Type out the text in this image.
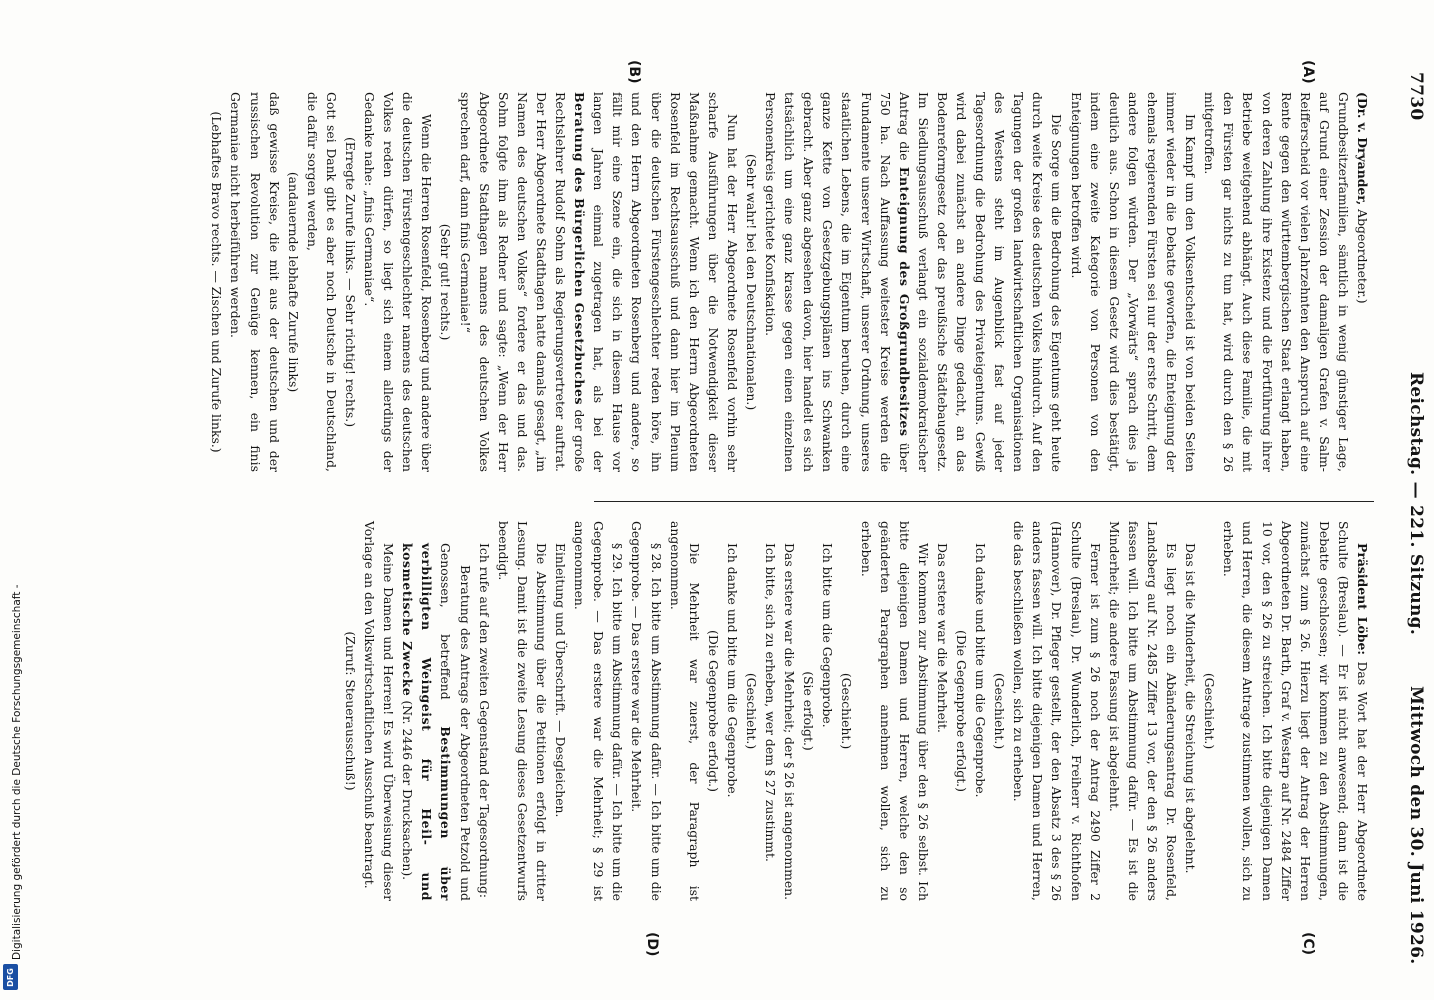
7730
Reichstag. — 221. Sitzung.
Mittwoch den 30. Juni 1926.
(A)
(B)
(C)
(D)

(Dr. v. Dryander, Abgeordneter.)

Grundbesitzerfamilien, sämtlich in wenig günstiger Lage, auf Grund einer Zession der damaligen Grafen v. Salm-Reifferscheid vor vielen Jahrzehnten den Anspruch auf eine Rente gegen den württembergischen Staat erlangt haben, von deren Zahlung ihre Existenz und die Fortführung ihrer Betriebe weitgehend abhängt. Auch diese Familie, die mit den Fürsten gar nichts zu tun hat, wird durch den § 26 mitgetroffen.

Im Kampf um den Volksentscheid ist von beiden Seiten immer wieder in die Debatte geworfen, die Enteignung der ehemals regierenden Fürsten sei nur der erste Schritt, dem andere folgen würden. Der „Vorwärts“ sprach dies ja deutlich aus. Schon in diesem Gesetz wird dies bestätigt, indem eine zweite Kategorie von Personen von den Enteignungen betroffen wird.

Die Sorge um die Bedrohung des Eigentums geht heute durch weite Kreise des deutschen Volkes hindurch. Auf den Tagungen der großen landwirtschaftlichen Organisationen des Westens steht im Augenblick fast auf jeder Tagesordnung die Bedrohung des Privateigentums. Gewiß wird dabei zunächst an andere Dinge gedacht, an das Bodenreformgesetz oder das preußische Städtebaugesetz. Im Siedlungsausschuß verlangt ein sozialdemokratischer Antrag die Enteignung des Großgrundbesitzes über 750 ha. Nach Auffassung weitester Kreise werden die Fundamente unserer Wirtschaft, unserer Ordnung, unseres staatlichen Lebens, die im Eigentum beruhen, durch eine ganze Kette von Gesetzgebungsplänen ins Schwanken gebracht. Aber ganz abgesehen davon, hier handelt es sich tatsächlich um eine ganz krasse gegen einen einzelnen Personenkreis gerichtete Konfiskation.

(Sehr wahr! bei den Deutschnationalen.)

Nun hat der Herr Abgeordnete Rosenfeld vorhin sehr scharfe Ausführungen über die Notwendigkeit dieser Maßnahme gemacht. Wenn ich den Herrn Abgeordneten Rosenfeld im Rechtsausschuß und dann hier im Plenum über die deutschen Fürstengeschlechter reden höre, ihn und den Herrn Abgeordneten Rosenberg und andere, so fällt mir eine Szene ein, die sich in diesem Hause vor langen Jahren einmal zugetragen hat, als bei der Beratung des Bürgerlichen Gesetzbuches der große Rechtslehrer Rudolf Sohm als Regierungsvertreter auftrat. Der Herr Abgeordnete Stadthagen hatte damals gesagt, „im Namen des deutschen Volkes“ fordere er das und das. Sohm folgte ihm als Redner und sagte: „Wenn der Herr Abgeordnete Stadthagen namens des deutschen Volkes sprechen darf, dann finis Germaniae!“

(Sehr gut! rechts.)

Wenn die Herren Rosenfeld, Rosenberg und andere über die deutschen Fürstengeschlechter namens des deutschen Volkes reden dürfen, so liegt sich einem allerdings der Gedanke nahe: „finis Germaniae“.

(Erregte Zurufe links. — Sehr richtig! rechts.)

Gott sei Dank gibt es aber noch Deutsche in Deutschland, die dafür sorgen werden,

(andauernde lebhafte Zurufe links)

daß gewisse Kreise, die mit aus der deutschen und der russischen Revolution zur Genüge kennen, ein finis Germaniae nicht herbeiführen werden.

(Lebhaftes Bravo rechts. — Zischen und Zurufe links.)

Präsident Löbe: Das Wort hat der Herr Abgeordnete Schulte (Breslau). — Er ist nicht anwesend; dann ist die Debatte geschlossen; wir kommen zu den Abstimmungen, zunächst zum § 26. Hierzu liegt der Antrag der Herren Abgeordneten Dr. Barth, Graf v. Westarp auf Nr. 2484 Ziffer 10 vor, den § 26 zu streichen. Ich bitte diejenigen Damen und Herren, die diesem Antrage zustimmen wollen, sich zu erheben.

(Geschieht.)

Das ist die Minderheit, die Streichung ist abgelehnt.

Es liegt noch ein Abänderungsantrag Dr. Rosenfeld, Landsberg auf Nr. 2485 Ziffer 13 vor, der den § 26 anders fassen will. Ich bitte um Abstimmung dafür. — Es ist die Minderheit; die andere Fassung ist abgelehnt.

Ferner ist zum § 26 noch der Antrag 2490 Ziffer 2 Schulte (Breslau), Dr. Wunderlich, Freiherr v. Richthofen (Hannover), Dr. Pfleger gestellt, der den Absatz 3 des § 26 anders fassen will. Ich bitte diejenigen Damen und Herren, die das beschließen wollen, sich zu erheben.

(Geschieht.)

Ich danke und bitte um die Gegenprobe.

(Die Gegenprobe erfolgt.)

Das erstere war die Mehrheit.

Wir kommen zur Abstimmung über den § 26 selbst. Ich bitte diejenigen Damen und Herren, welche den so geänderten Paragraphen annehmen wollen, sich zu erheben.

(Geschieht.)

Ich bitte um die Gegenprobe.

(Sie erfolgt.)

Das erstere war die Mehrheit; der § 26 ist angenommen.

Ich bitte, sich zu erheben, wer dem § 27 zustimmt.

(Geschieht.)

Ich danke und bitte um die Gegenprobe.

(Die Gegenprobe erfolgt.)

Die Mehrheit war zuerst, der Paragraph ist angenommen.

§ 28. Ich bitte um Abstimmung dafür. — Ich bitte um die Gegenprobe. — Das erstere war die Mehrheit.

§ 29. Ich bitte um Abstimmung dafür. — Ich bitte um die Gegenprobe. — Das erstere war die Mehrheit; § 29 ist angenommen.

Einleitung und Überschrift. — Desgleichen.

Die Abstimmung über die Petitionen erfolgt in dritter Lesung. Damit ist die zweite Lesung dieses Gesetzentwurfs beendigt.

Ich rufe auf den zweiten Gegenstand der Tagesordnung:

Beratung des Antrags der Abgeordneten Petzold und Genossen, betreffend Bestimmungen über verbilligten Weingeist für Heil- und kosmetische Zwecke (Nr. 2446 der Drucksachen).

Meine Damen und Herren! Es wird Überweisung dieser Vorlage an den Volkswirtschaftlichen Ausschuß beantragt.

(Zuruf: Steuerausschuß!)

Digitalisierung gefördert durch die Deutsche Forschungsgemeinschaft -
DFG
